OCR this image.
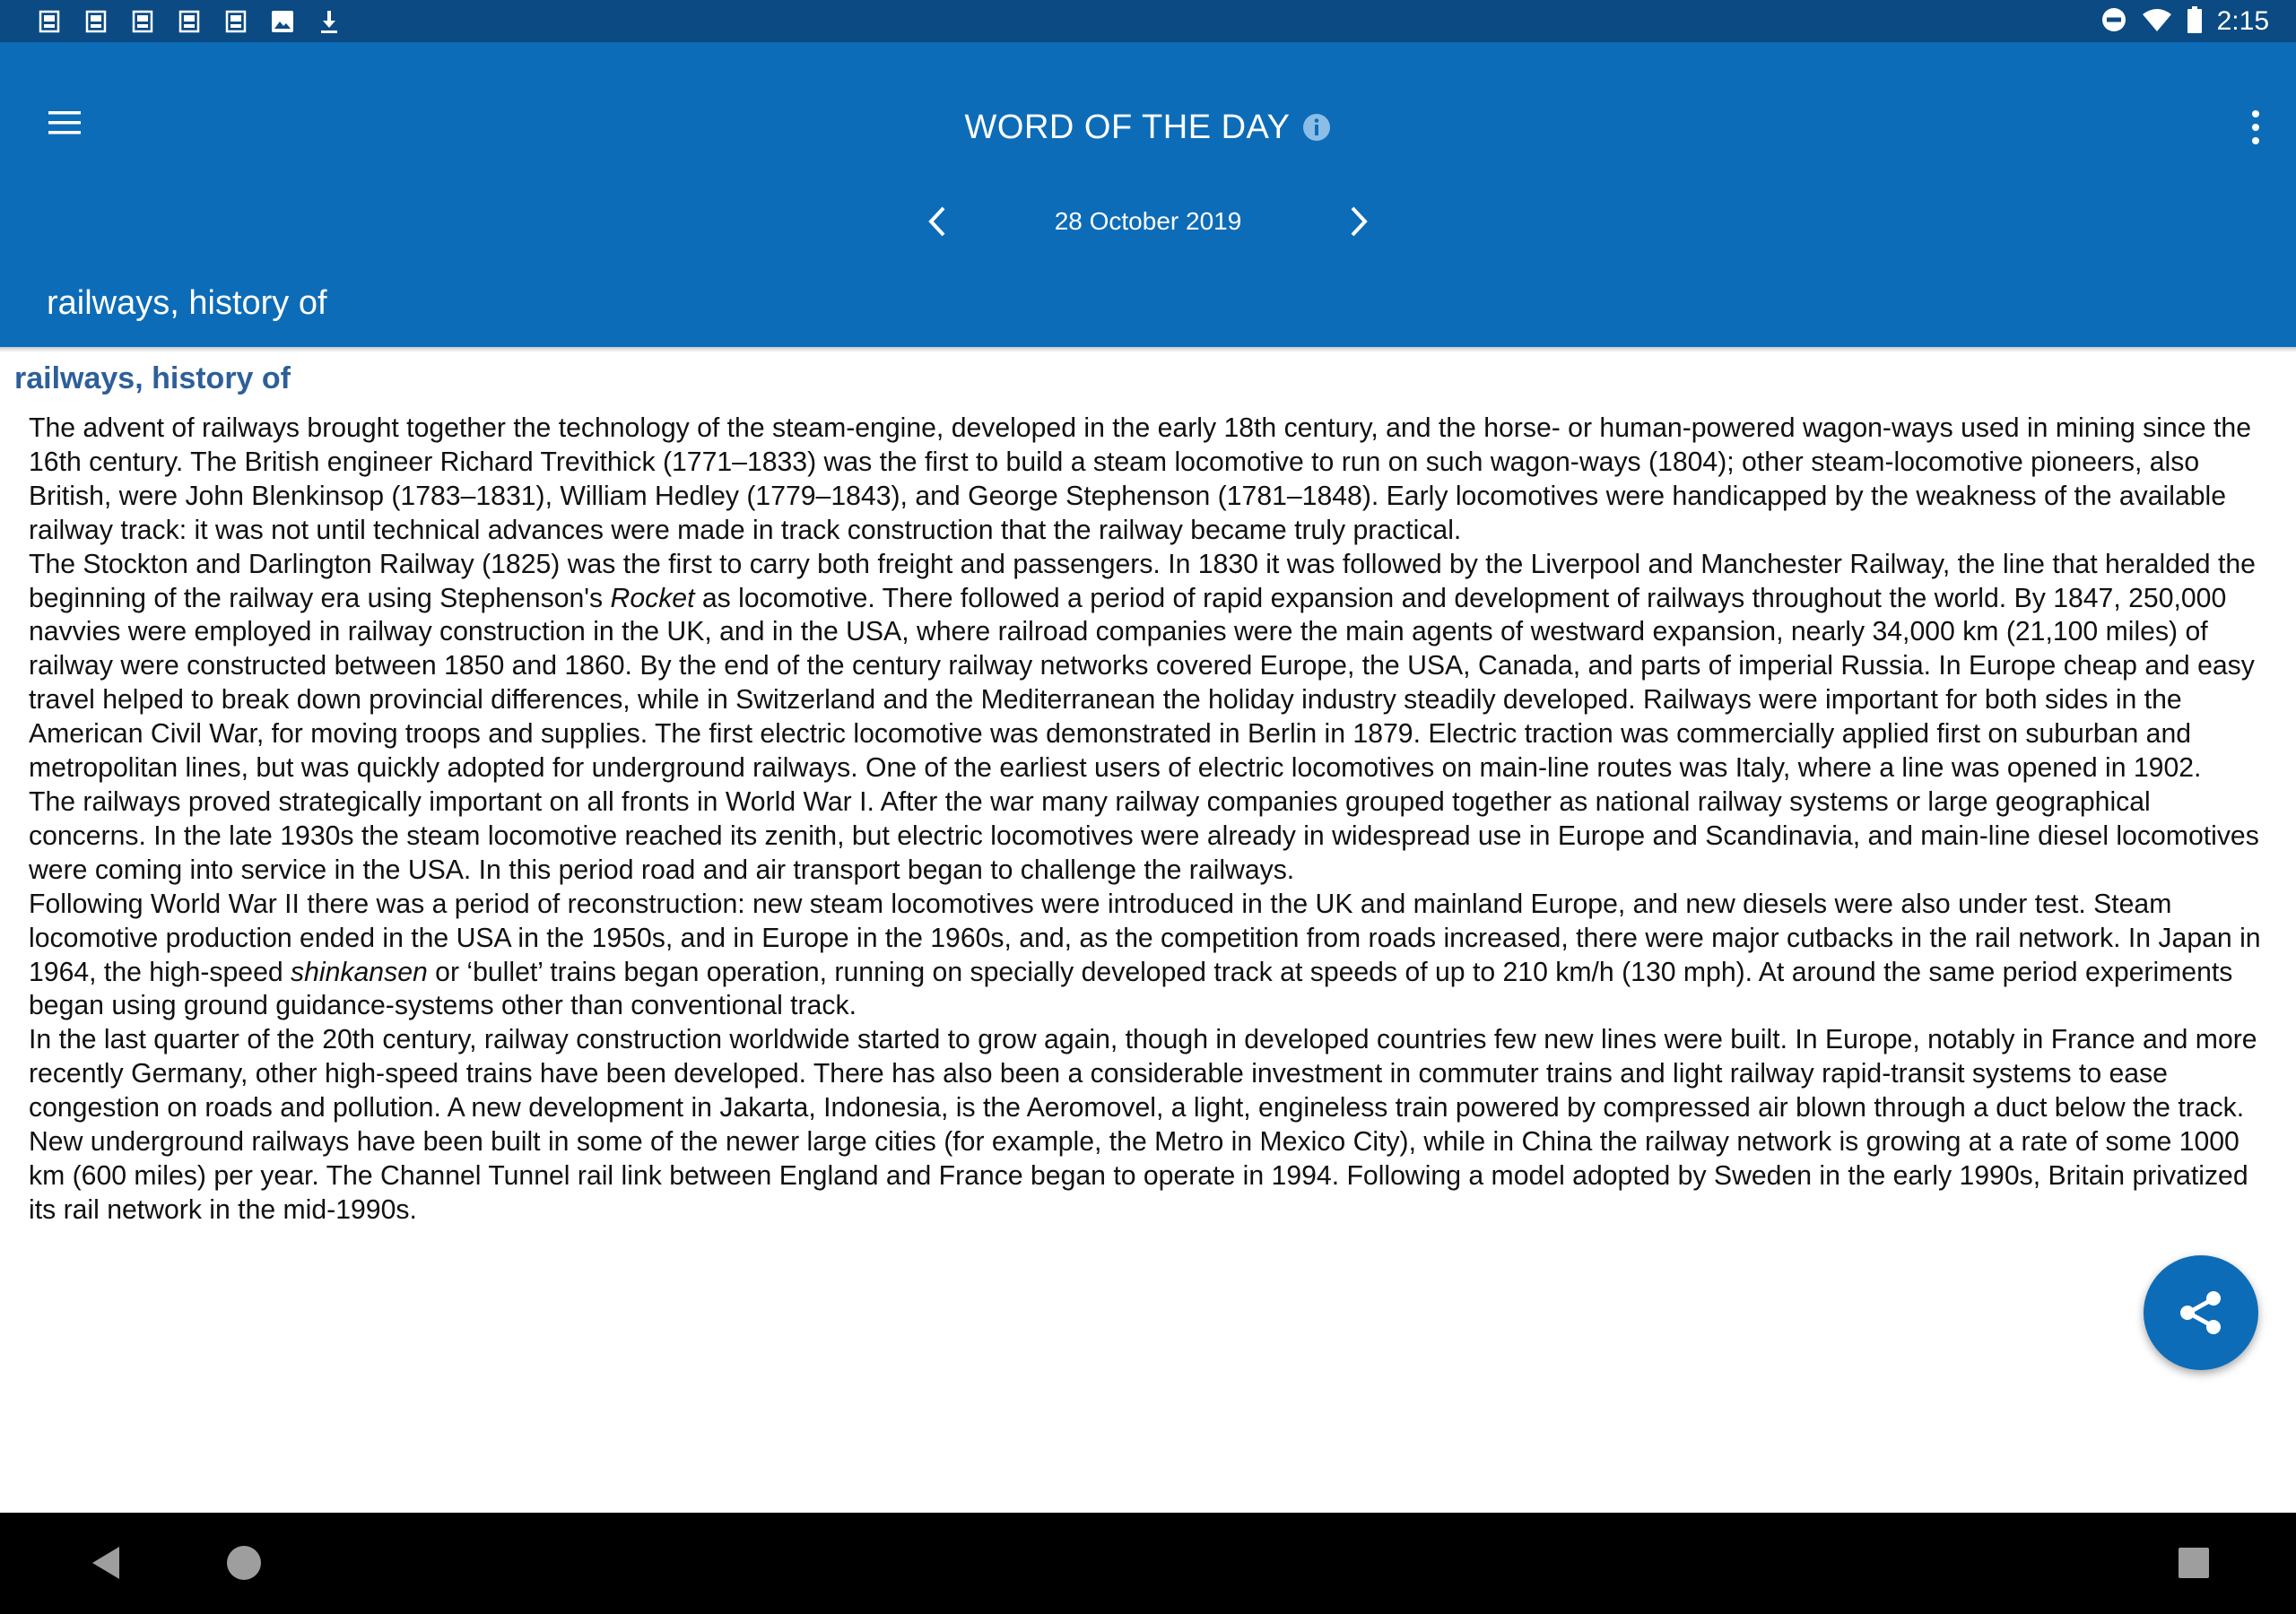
2:15
WORD OF THE DAY
28 October 2019
railways, history of
railways, history of

The advent of railways brought together the technology of the steam-engine, developed in the early 18th century, and the horse- or human-powered wagon-ways used in mining since the 16th century. The British engineer Richard Trevithick (1771–1833) was the first to build a steam locomotive to run on such wagon-ways (1804); other steam-locomotive pioneers, also British, were John Blenkinsop (1783–1831), William Hedley (1779–1843), and George Stephenson (1781–1848). Early locomotives were handicapped by the weakness of the available railway track: it was not until technical advances were made in track construction that the railway became truly practical.

The Stockton and Darlington Railway (1825) was the first to carry both freight and passengers. In 1830 it was followed by the Liverpool and Manchester Railway, the line that heralded the beginning of the railway era using Stephenson's Rocket as locomotive. There followed a period of rapid expansion and development of railways throughout the world. By 1847, 250,000 navvies were employed in railway construction in the UK, and in the USA, where railroad companies were the main agents of westward expansion, nearly 34,000 km (21,100 miles) of railway were constructed between 1850 and 1860. By the end of the century railway networks covered Europe, the USA, Canada, and parts of imperial Russia. In Europe cheap and easy travel helped to break down provincial differences, while in Switzerland and the Mediterranean the holiday industry steadily developed. Railways were important for both sides in the American Civil War, for moving troops and supplies. The first electric locomotive was demonstrated in Berlin in 1879. Electric traction was commercially applied first on suburban and metropolitan lines, but was quickly adopted for underground railways. One of the earliest users of electric locomotives on main-line routes was Italy, where a line was opened in 1902.

The railways proved strategically important on all fronts in World War I. After the war many railway companies grouped together as national railway systems or large geographical concerns. In the late 1930s the steam locomotive reached its zenith, but electric locomotives were already in widespread use in Europe and Scandinavia, and main-line diesel locomotives were coming into service in the USA. In this period road and air transport began to challenge the railways.

Following World War II there was a period of reconstruction: new steam locomotives were introduced in the UK and mainland Europe, and new diesels were also under test. Steam locomotive production ended in the USA in the 1950s, and in Europe in the 1960s, and, as the competition from roads increased, there were major cutbacks in the rail network. In Japan in 1964, the high-speed shinkansen or ‘bullet’ trains began operation, running on specially developed track at speeds of up to 210 km/h (130 mph). At around the same period experiments began using ground guidance-systems other than conventional track.

In the last quarter of the 20th century, railway construction worldwide started to grow again, though in developed countries few new lines were built. In Europe, notably in France and more recently Germany, other high-speed trains have been developed. There has also been a considerable investment in commuter trains and light railway rapid-transit systems to ease congestion on roads and pollution. A new development in Jakarta, Indonesia, is the Aeromovel, a light, engineless train powered by compressed air blown through a duct below the track. New underground railways have been built in some of the newer large cities (for example, the Metro in Mexico City), while in China the railway network is growing at a rate of some 1000 km (600 miles) per year. The Channel Tunnel rail link between England and France began to operate in 1994. Following a model adopted by Sweden in the early 1990s, Britain privatized its rail network in the mid-1990s.
